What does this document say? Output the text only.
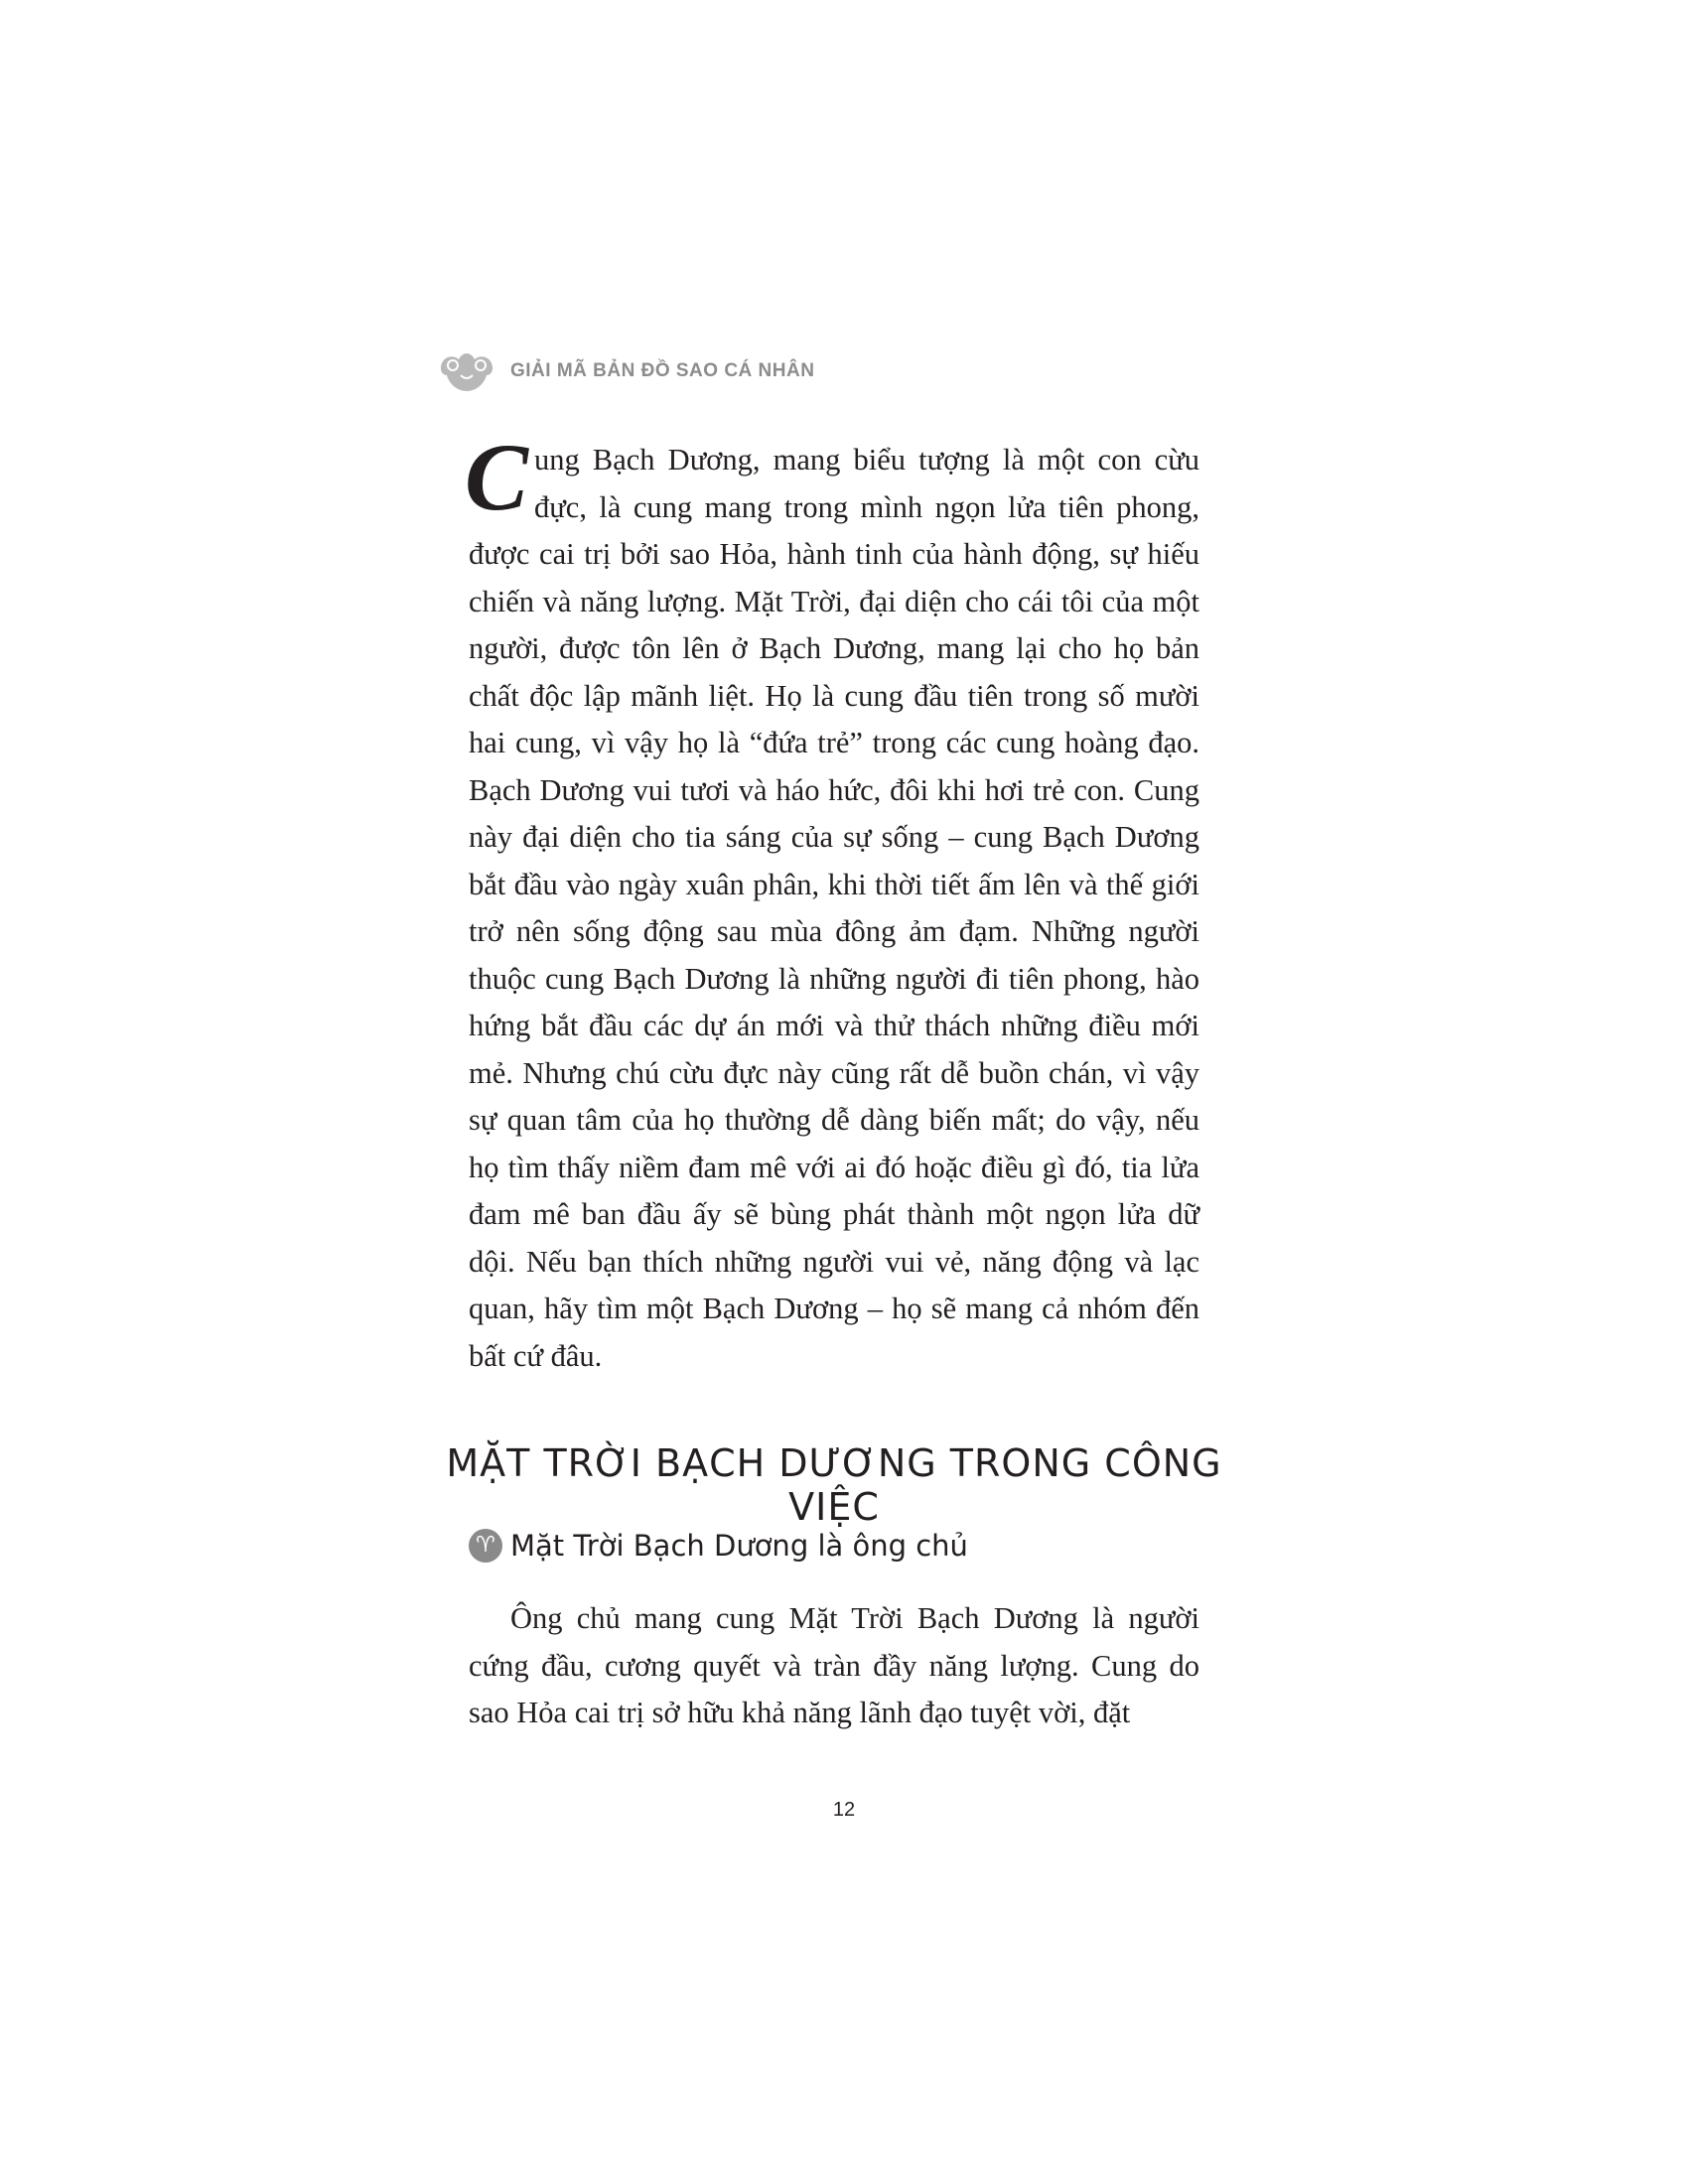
GIẢI MÃ BẢN ĐỒ SAO CÁ NHÂN

Cung Bạch Dương, mang biểu tượng là một con cừu đực, là cung mang trong mình ngọn lửa tiên phong, được cai trị bởi sao Hỏa, hành tinh của hành động, sự hiếu chiến và năng lượng. Mặt Trời, đại diện cho cái tôi của một người, được tôn lên ở Bạch Dương, mang lại cho họ bản chất độc lập mãnh liệt. Họ là cung đầu tiên trong số mười hai cung, vì vậy họ là “đứa trẻ” trong các cung hoàng đạo. Bạch Dương vui tươi và háo hức, đôi khi hơi trẻ con. Cung này đại diện cho tia sáng của sự sống – cung Bạch Dương bắt đầu vào ngày xuân phân, khi thời tiết ấm lên và thế giới trở nên sống động sau mùa đông ảm đạm. Những người thuộc cung Bạch Dương là những người đi tiên phong, hào hứng bắt đầu các dự án mới và thử thách những điều mới mẻ. Nhưng chú cừu đực này cũng rất dễ buồn chán, vì vậy sự quan tâm của họ thường dễ dàng biến mất; do vậy, nếu họ tìm thấy niềm đam mê với ai đó hoặc điều gì đó, tia lửa đam mê ban đầu ấy sẽ bùng phát thành một ngọn lửa dữ dội. Nếu bạn thích những người vui vẻ, năng động và lạc quan, hãy tìm một Bạch Dương – họ sẽ mang cả nhóm đến bất cứ đâu.

MẶT TRỜI BẠCH DƯƠNG TRONG CÔNG VIỆC
♈ Mặt Trời Bạch Dương là ông chủ

Ông chủ mang cung Mặt Trời Bạch Dương là người cứng đầu, cương quyết và tràn đầy năng lượng. Cung do sao Hỏa cai trị sở hữu khả năng lãnh đạo tuyệt vời, đặt

12
